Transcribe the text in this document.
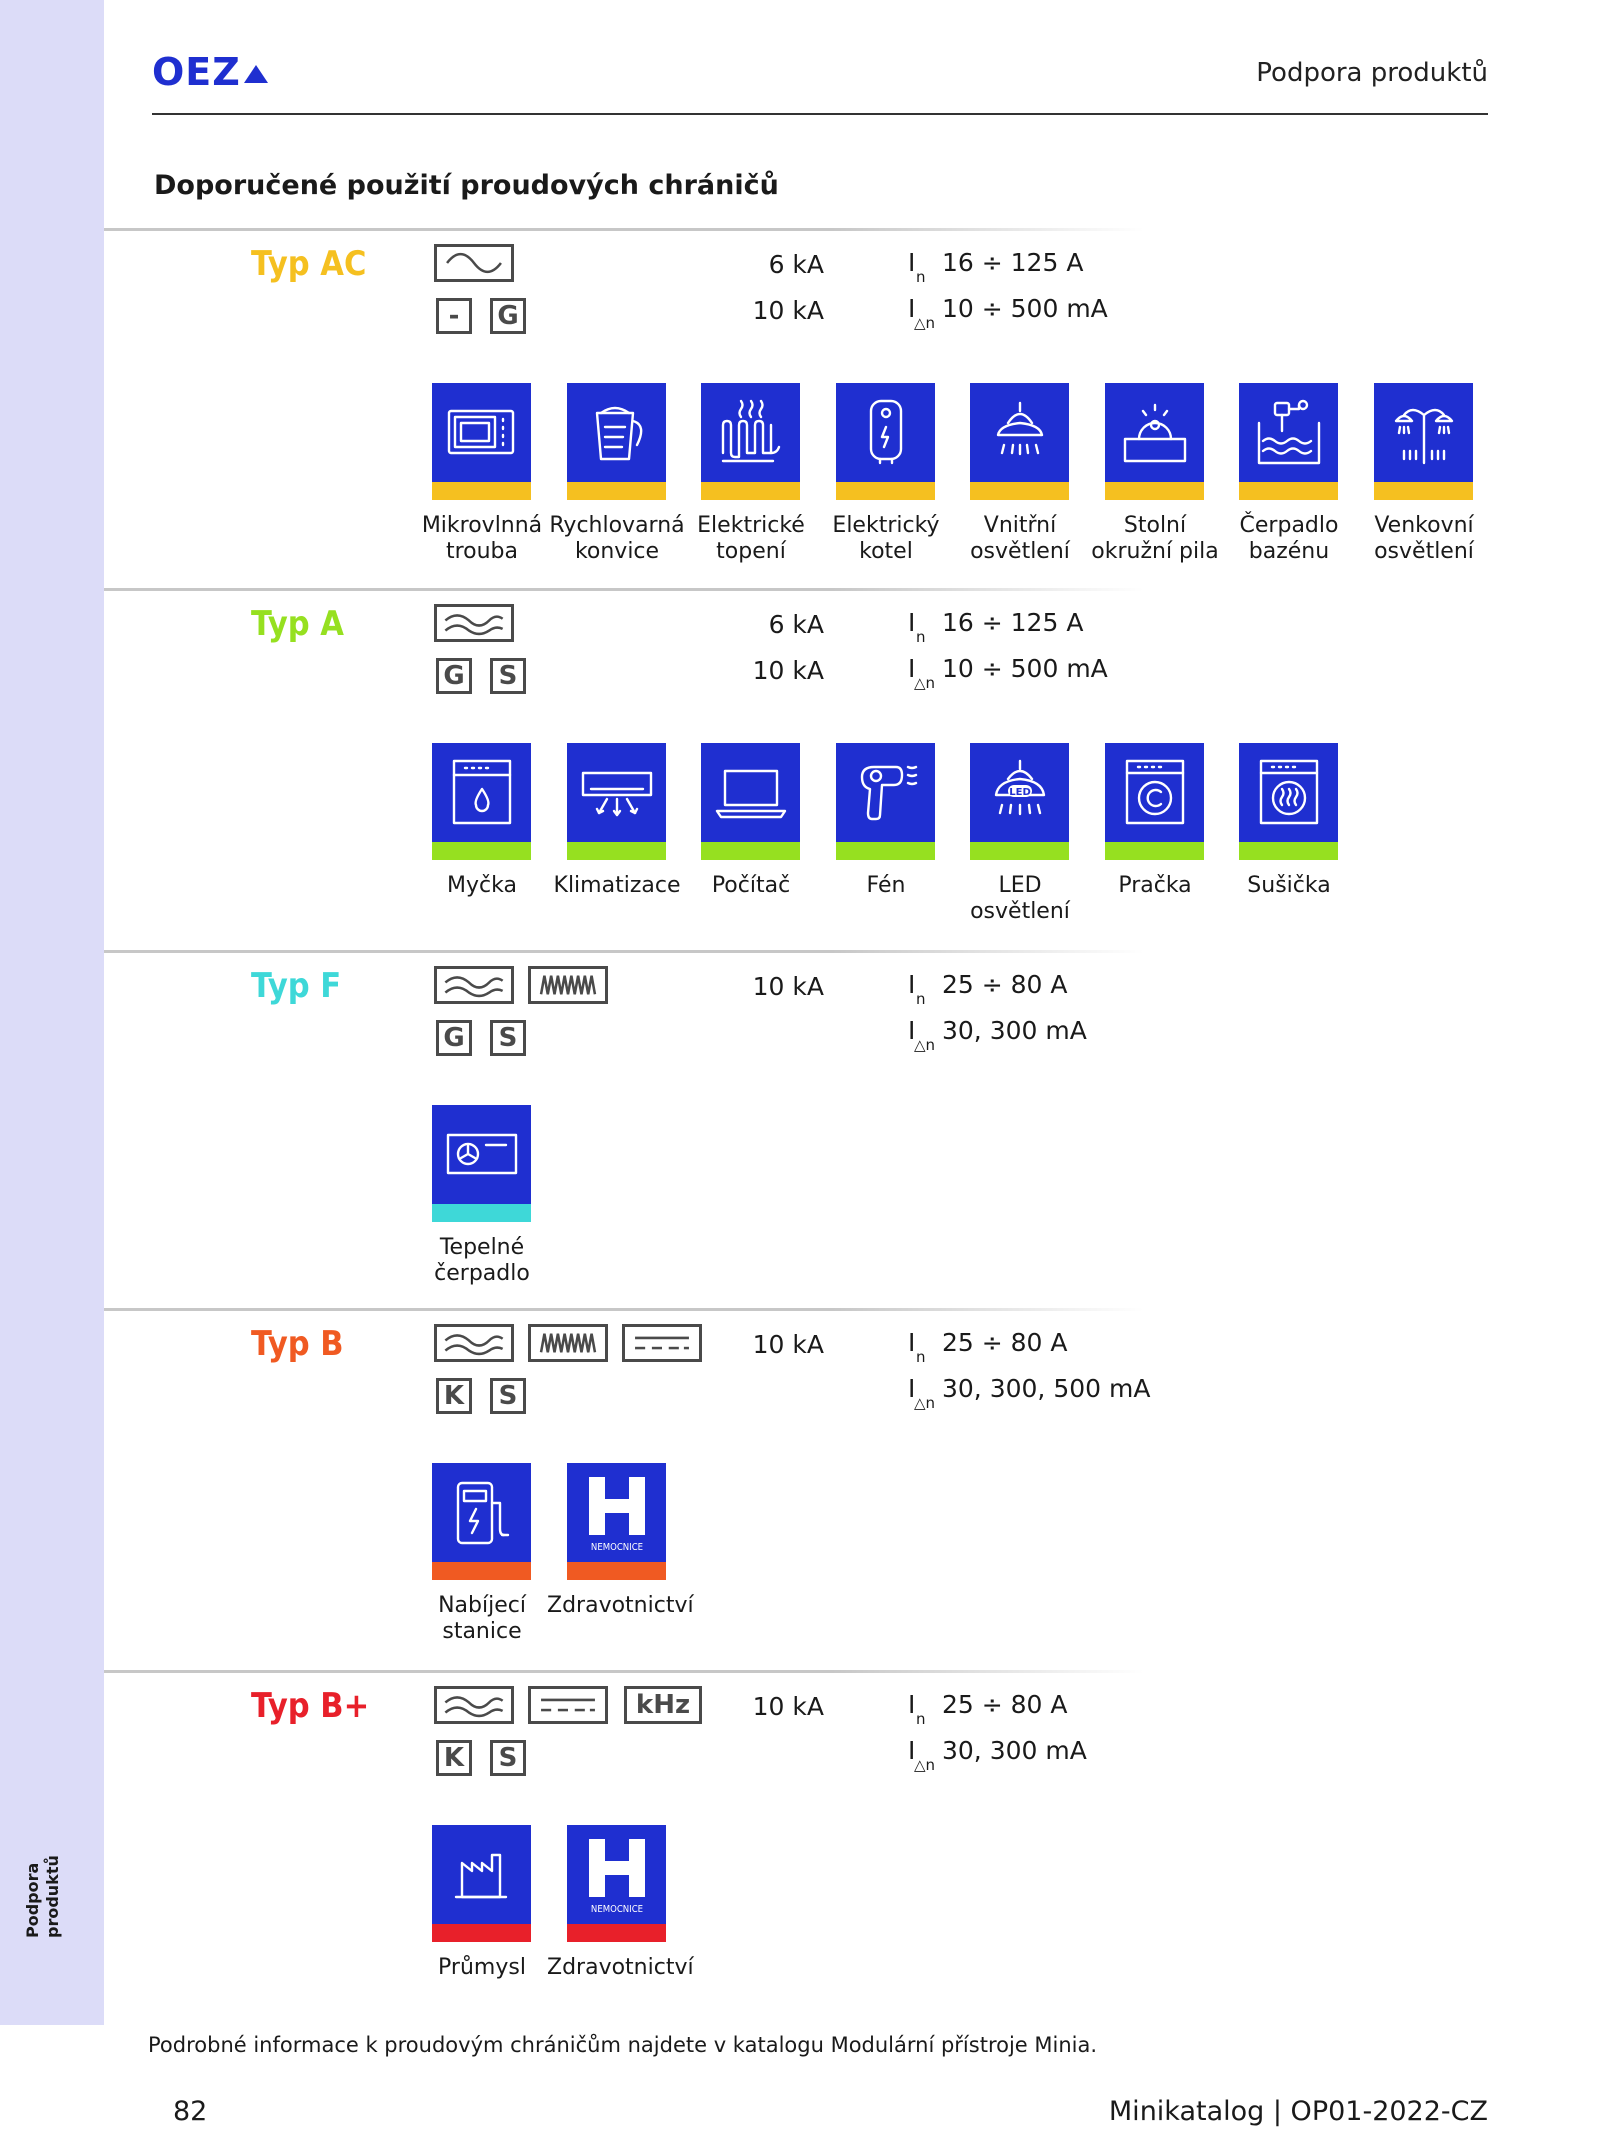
Podpora produktů
OEZ	Podpora produktů
Doporučené použití proudových chráničů
Typ AC
-	G
6 kA
10 kA
I n 16 ÷ 125 A
I
△n 10 ÷ 500 mA
Mikrovlnná
trouba
Rychlovarná
konvice
Elektrické
topení
Elektrický
kotel
Vnitřní
osvětlení
Stolní
okružní pila
Čerpadlo
bazénu
Venkovní
osvětlení
Typ A
G	S
6 kA
10 kA
I n 16 ÷ 125 A
I
△n 10 ÷ 500 mA
Myčka	Klimatizace	Počítač	Fén
LED
LED
osvětlení
Pračka	Sušička
Typ F
G	S
10 kA	I n 25 ÷ 80 A
I
△n 30, 300 mA
Tepelné
čerpadlo
Typ B
K	S
10 kA	I n 25 ÷ 80 A
I
△n 30, 300, 500 mA
Nabíjecí
stanice
NEMOCNICE
Zdravotnictví
Typ B+	kHz
K	S
10 kA	I n 25 ÷ 80 A
I
△n 30, 300 mA
Průmysl
NEMOCNICE
Zdravotnictví
Podrobné informace k proudovým chráničům najdete v katalogu Modulární přístroje Minia.
82	Minikatalog | OP01-2022-CZ
